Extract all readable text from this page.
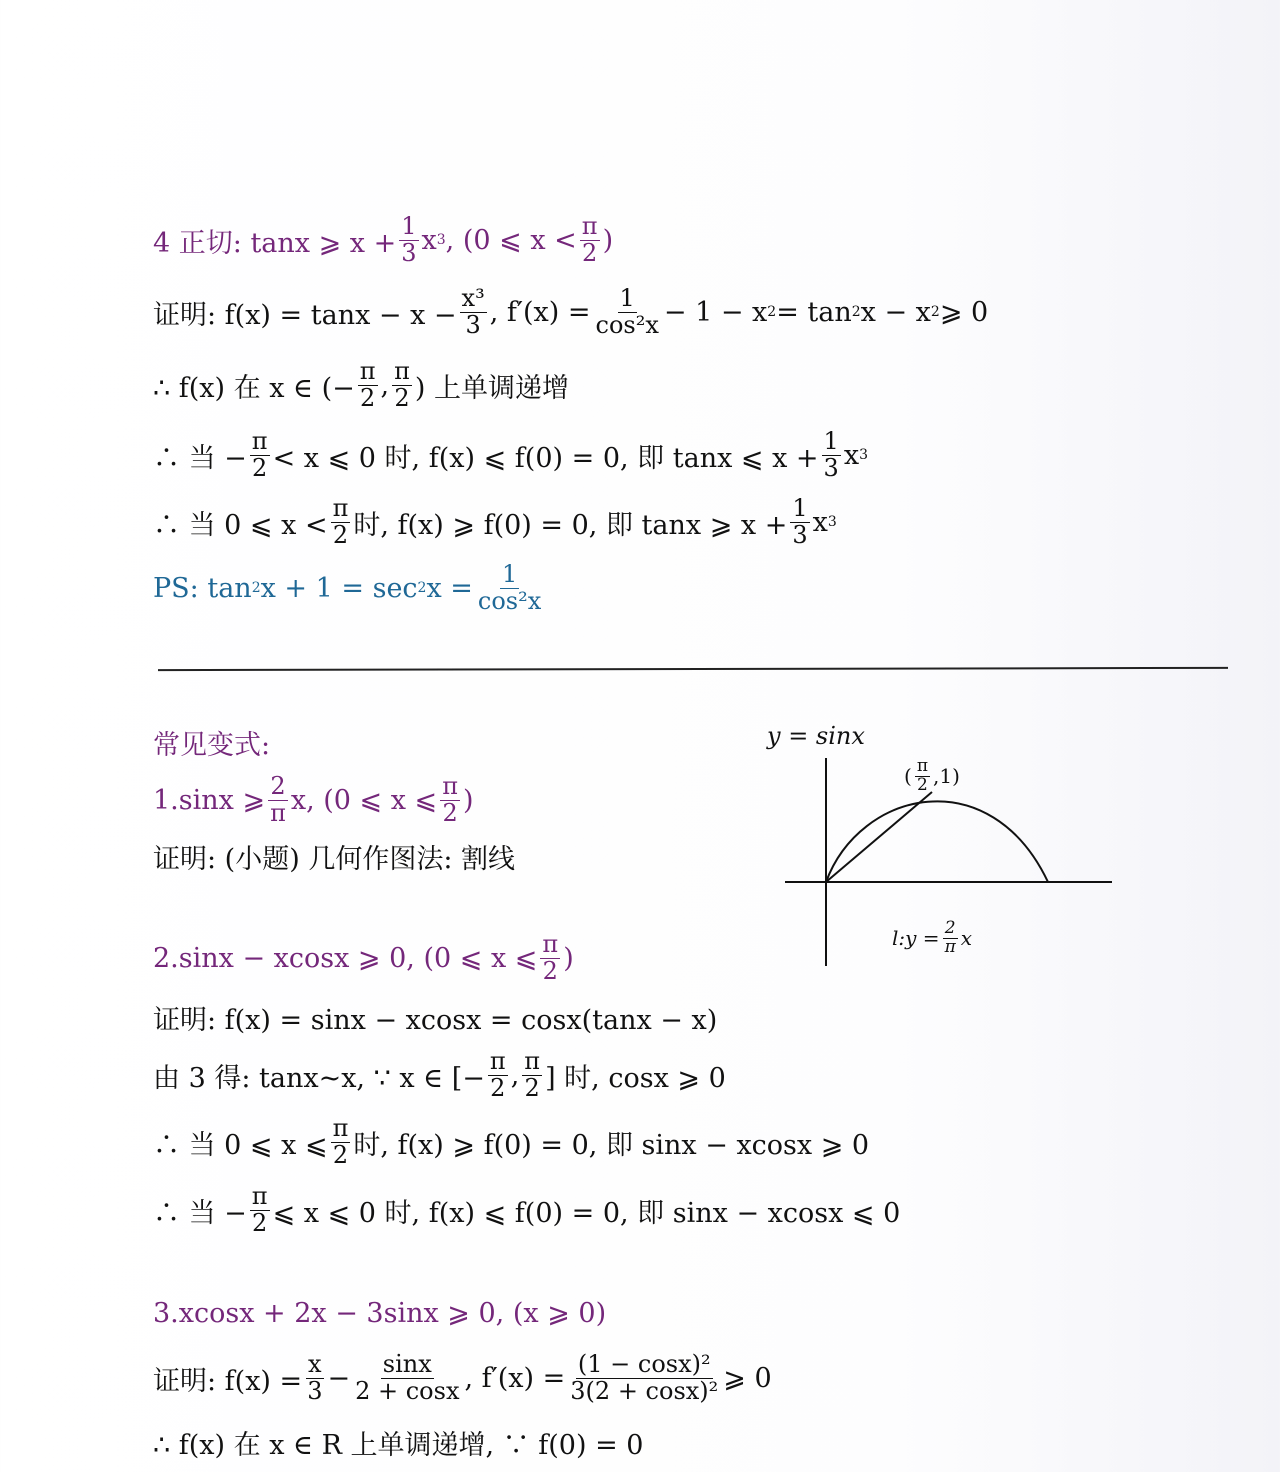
4 正切: tanx ⩾ $x + \frac{1}{3}$ x 3 , (0 ⩽ $x < \frac{\pi}{2}$ )
证明: $f(x) = \tan x - x - \frac{\text{x³}}{3}$ , $f'(x) = \frac{1}{\text{cos²x}} - 1 - x$ 2 = tan 2 x − x 2 ⩾ 0
∴ f(x) 在 x ∈ (− $\frac{\pi}{2}$ , $\frac{\pi}{2}$ ) 上单调递增
∴ 当 − $\frac{\pi}{2} < x$ ⩽ 0 时, f(x) ⩽ f(0) = 0, 即 tanx ⩽ $x + \frac{1}{3}$ x 3
∴ 当 0 ⩽ $x < \frac{\pi}{2}$ 时, f(x) ⩾ f(0) = 0, 即 tanx ⩾ $x + \frac{1}{3}$ x 3
PS: tan 2 x + 1 = sec 2 $x = \frac{1}{\text{cos²x}}$
常见变式:
1.sinx ⩾ $\frac{2}{\pi} x$, (0 ⩽ x ⩽ $\frac{\pi}{2}$ )
证明: (小题) 几何作图法: 割线
2.sinx − xcosx ⩾ 0, (0 ⩽ x ⩽ $\frac{\pi}{2}$ )
证明: f(x) = sinx − xcosx = cosx(tanx − x)
由 3 得: tanx~x, ∵ x ∈ [− $\frac{\pi}{2}$ , $\frac{\pi}{2}$ ] 时, cosx ⩾ 0
∴ 当 0 ⩽ x ⩽ $\frac{\pi}{2}$ 时, f(x) ⩾ f(0) = 0, 即 sinx − xcosx ⩾ 0
∴ 当 − $\frac{\pi}{2}$ ⩽ x ⩽ 0 时, f(x) ⩽ f(0) = 0, 即 sinx − xcosx ⩽ 0
3.xcosx + 2x − 3sinx ⩾ 0, (x ⩾ 0)
证明: $f(x) = \frac{x}{3} - \frac{\sin x}{2 + \cos x}$ , $f'(x) = \frac{\text{(1 − cosx)²}}{\text{3(2 + cosx)²}}$ ⩾ 0
∴ f(x) 在 x ∈ R 上单调递增, ∵ f(0) = 0
y = sinx
( $\frac{\pi}{2} ,1$)
l:y = $\frac{2}{\pi}$ x
